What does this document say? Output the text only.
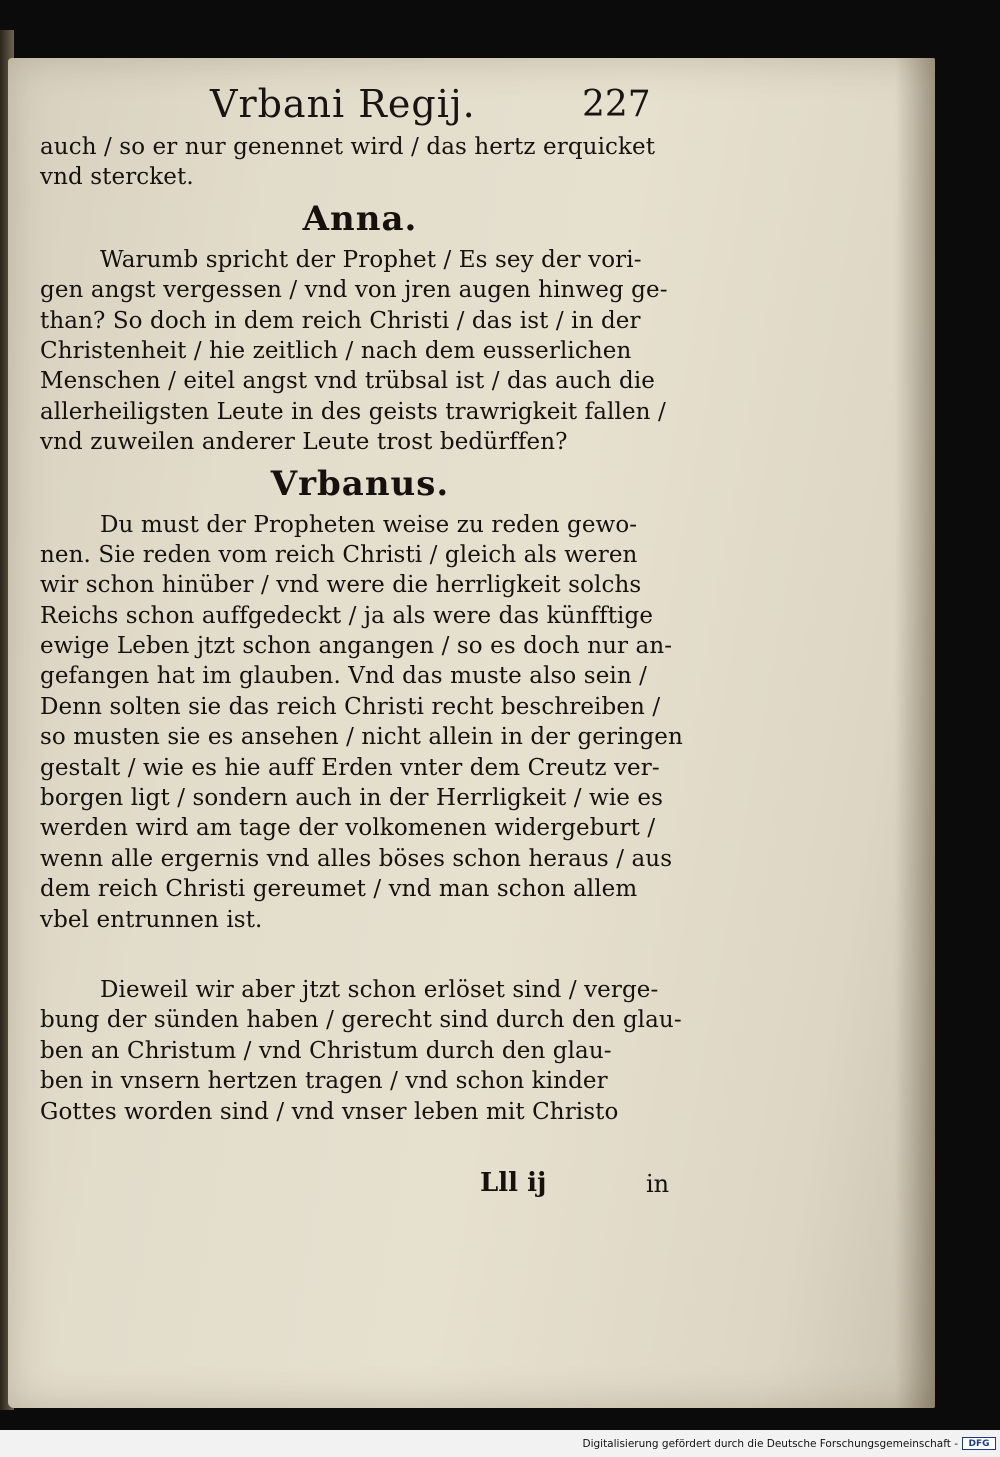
Vrbani Regij.	227
auch / so er nur genennet wird / das hertz erquicket
vnd stercket.
Anna.
Warumb spricht der Prophet / Es sey der vori-
gen angst vergessen / vnd von jren augen hinweg ge-
than? So doch in dem reich Christi / das ist / in der
Christenheit / hie zeitlich / nach dem eusserlichen
Menschen / eitel angst vnd trübsal ist / das auch die
allerheiligsten Leute in des geists trawrigkeit fallen /
vnd zuweilen anderer Leute trost bedürffen?
Vrbanus.
Du must der Propheten weise zu reden gewo-
nen. Sie reden vom reich Christi / gleich als weren
wir schon hinüber / vnd were die herrligkeit solchs
Reichs schon auffgedeckt / ja als were das künfftige
ewige Leben jtzt schon angangen / so es doch nur an-
gefangen hat im glauben. Vnd das muste also sein /
Denn solten sie das reich Christi recht beschreiben /
so musten sie es ansehen / nicht allein in der geringen
gestalt / wie es hie auff Erden vnter dem Creutz ver-
borgen ligt / sondern auch in der Herrligkeit / wie es
werden wird am tage der volkomenen widergeburt /
wenn alle ergernis vnd alles böses schon heraus / aus
dem reich Christi gereumet / vnd man schon allem
vbel entrunnen ist.
Dieweil wir aber jtzt schon erlöset sind / verge-
bung der sünden haben / gerecht sind durch den glau-
ben an Christum / vnd Christum durch den glau-
ben in vnsern hertzen tragen / vnd schon kinder
Gottes worden sind / vnd vnser leben mit Christo
Lll ij	in
Digitalisierung gefördert durch die Deutsche Forschungsgemeinschaft -	DFG
